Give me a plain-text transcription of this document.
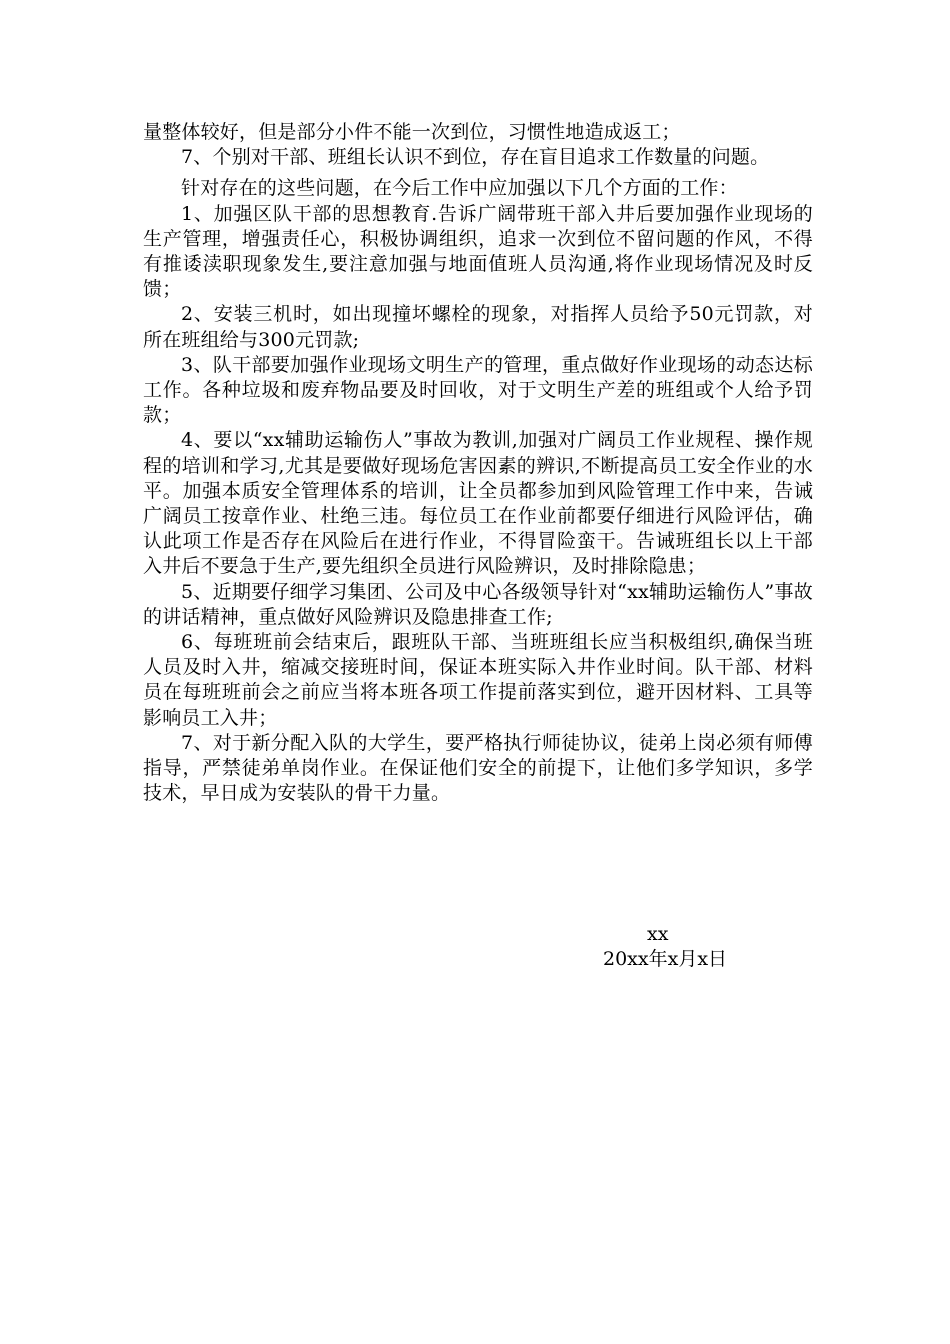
量整体较好，但是部分小件不能一次到位，习惯性地造成返工；

7、个别对干部、班组长认识不到位，存在盲目追求工作数量的问题。

针对存在的这些问题，在今后工作中应加强以下几个方面的工作：

1、加强区队干部的思想教育.告诉广阔带班干部入井后要加强作业现场的生产管理，增强责任心，积极协调组织，追求一次到位不留问题的作风，不得有推诿渎职现象发生,要注意加强与地面值班人员沟通,将作业现场情况及时反馈；

2、安装三机时，如出现撞坏螺栓的现象，对指挥人员给予50元罚款，对所在班组给与300元罚款;

3、队干部要加强作业现场文明生产的管理，重点做好作业现场的动态达标工作。各种垃圾和废弃物品要及时回收，对于文明生产差的班组或个人给予罚款；

4、要以“xx辅助运输伤人”事故为教训,加强对广阔员工作业规程、操作规程的培训和学习,尤其是要做好现场危害因素的辨识,不断提高员工安全作业的水平。加强本质安全管理体系的培训，让全员都参加到风险管理工作中来，告诫广阔员工按章作业、杜绝三违。每位员工在作业前都要仔细进行风险评估，确认此项工作是否存在风险后在进行作业，不得冒险蛮干。告诫班组长以上干部入井后不要急于生产,要先组织全员进行风险辨识，及时排除隐患；

5、近期要仔细学习集团、公司及中心各级领导针对“xx辅助运输伤人”事故的讲话精神，重点做好风险辨识及隐患排查工作;

6、每班班前会结束后，跟班队干部、当班班组长应当积极组织,确保当班人员及时入井，缩减交接班时间，保证本班实际入井作业时间。队干部、材料员在每班班前会之前应当将本班各项工作提前落实到位，避开因材料、工具等影响员工入井；

7、对于新分配入队的大学生，要严格执行师徒协议，徒弟上岗必须有师傅指导，严禁徒弟单岗作业。在保证他们安全的前提下，让他们多学知识，多学技术，早日成为安装队的骨干力量。

xx
20xx年x月x日
